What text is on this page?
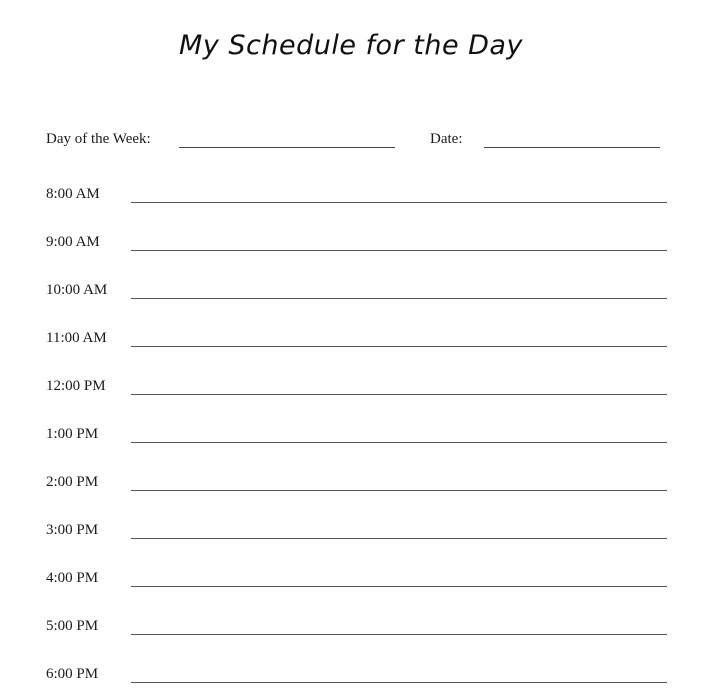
My Schedule for the Day
Day of the Week:	Date:
8:00 AM
9:00 AM
10:00 AM
11:00 AM
12:00 PM
1:00 PM
2:00 PM
3:00 PM
4:00 PM
5:00 PM
6:00 PM
